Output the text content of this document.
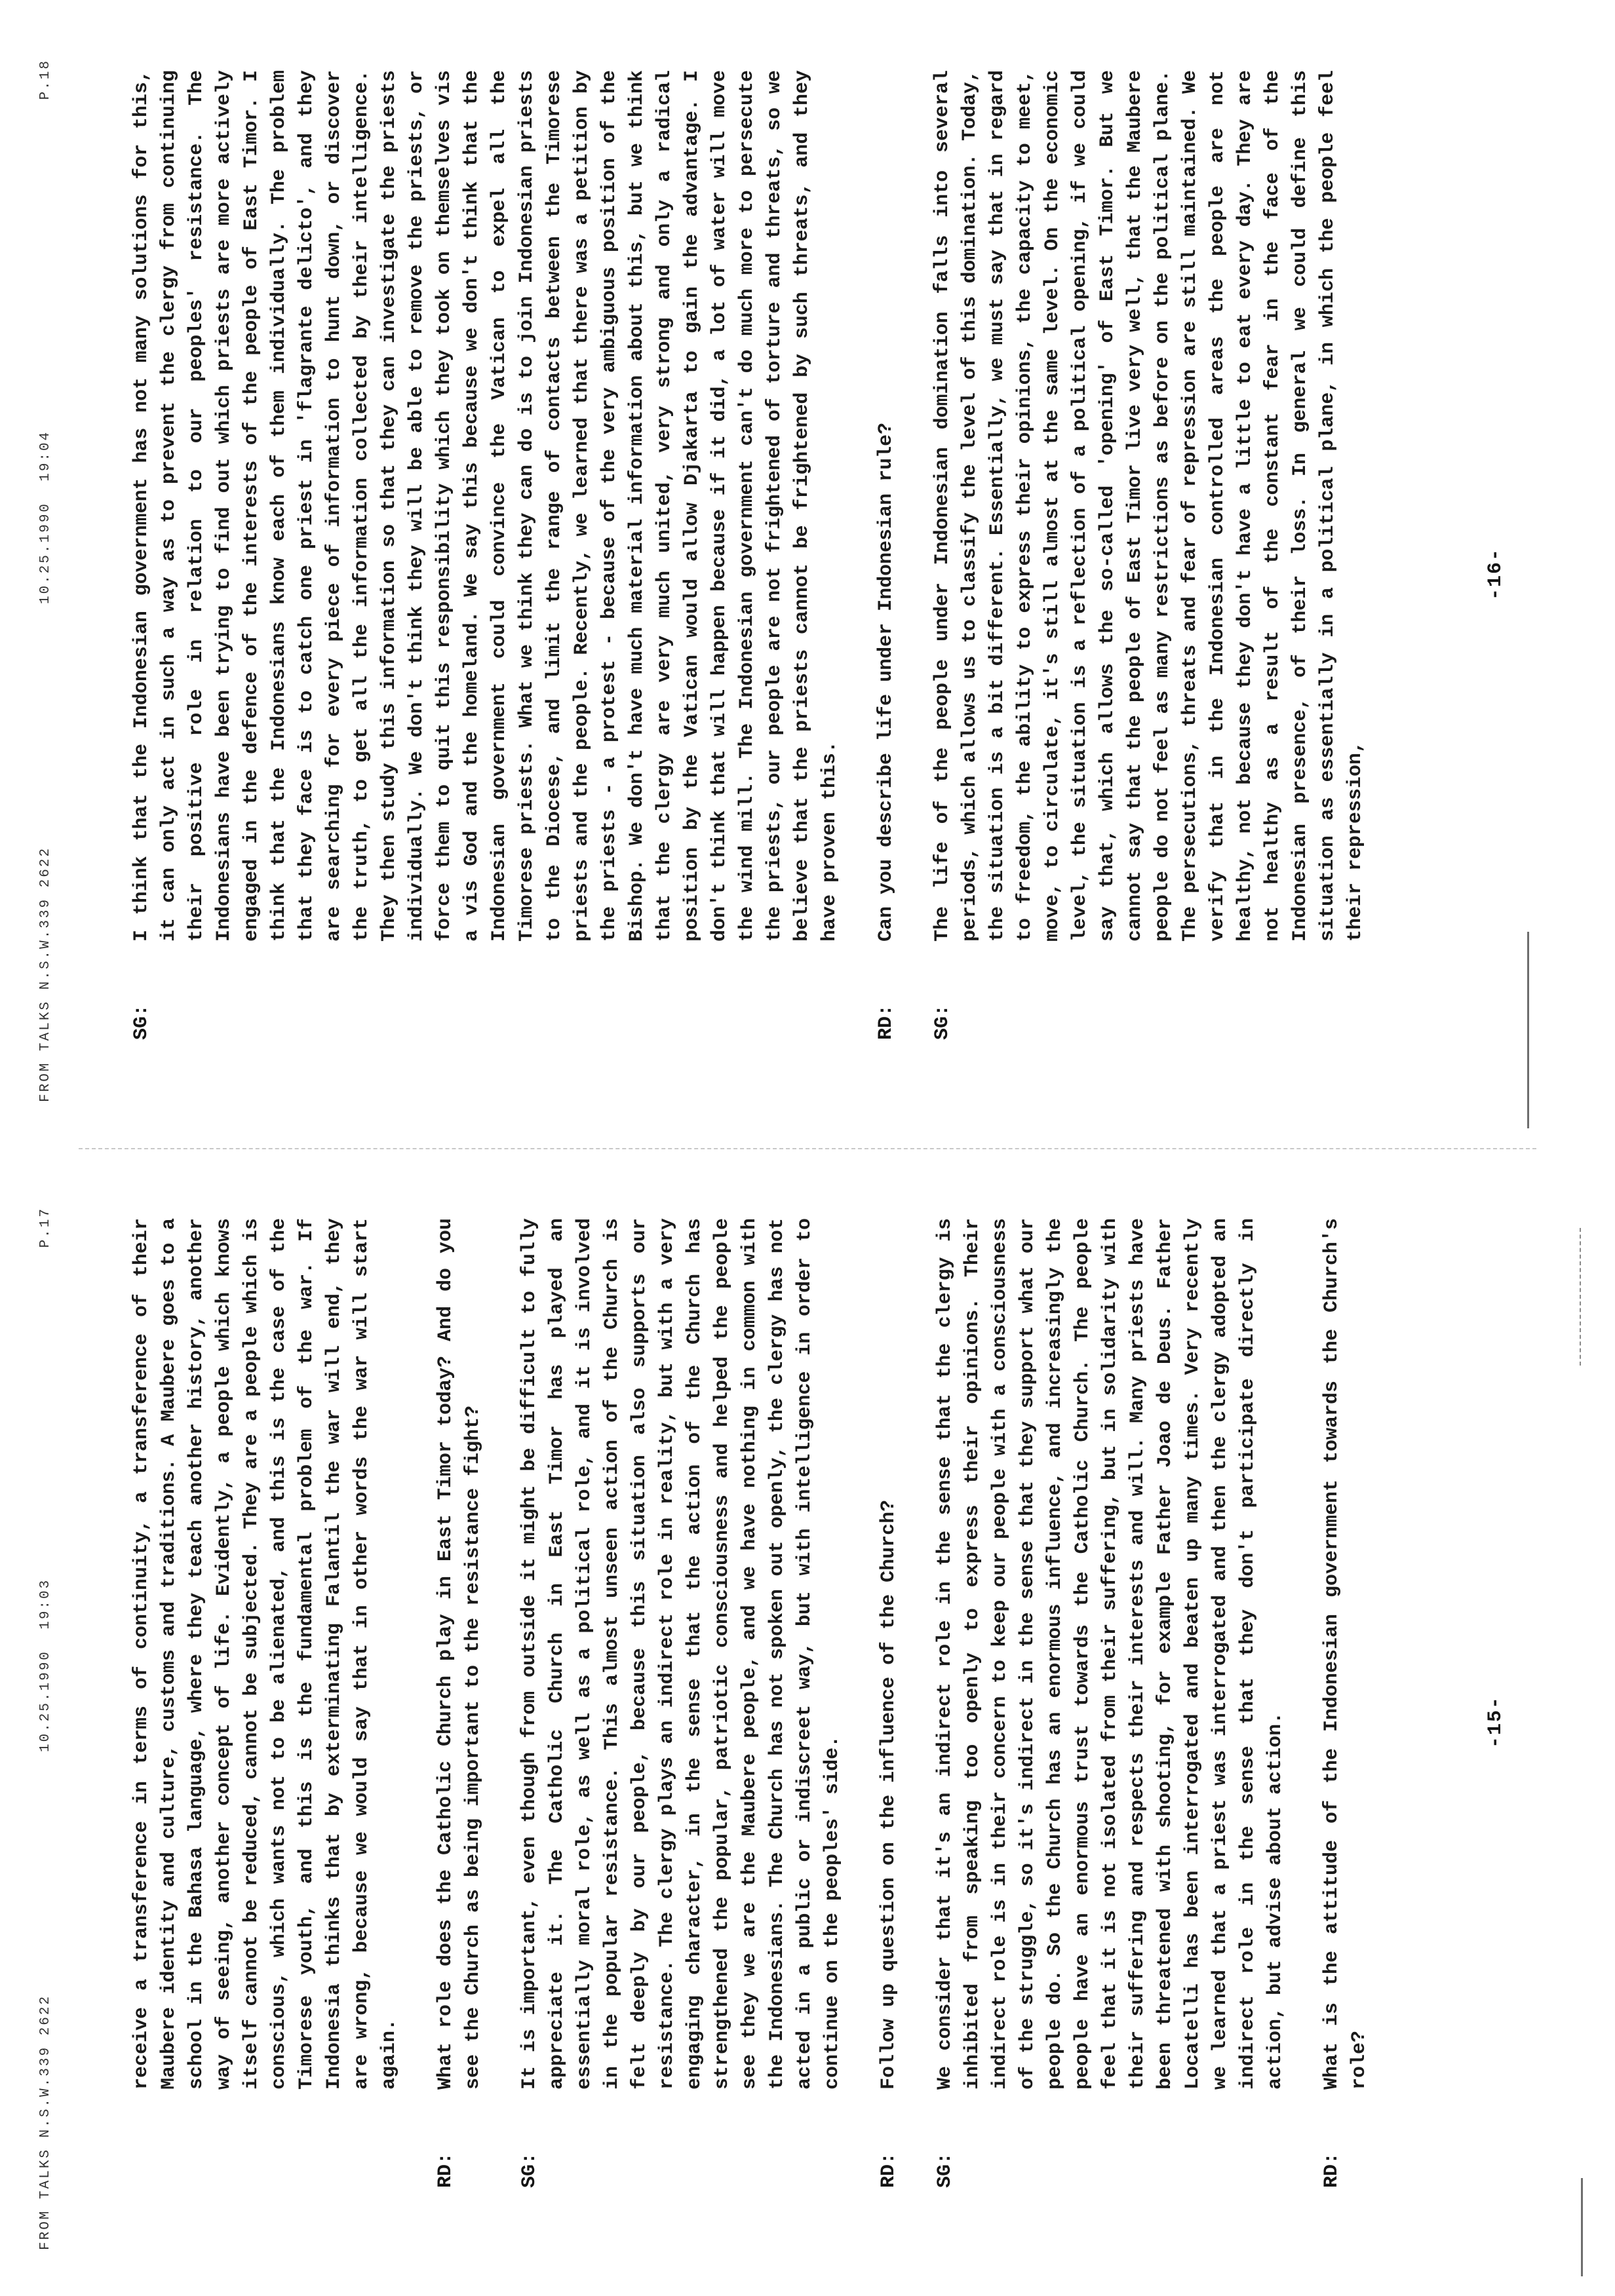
FROM TALKS N.S.W.339 2622
10.25.1990  19:03
P.17	receive a transference in terms of continuity, a transference of their Maubere identity and culture, customs and traditions. A Maubere goes to a school in the Bahasa language, where they teach another history, another way of seeing, another concept of life. Evidently, a people which knows itself cannot be reduced, cannot be subjected. They are a people which is conscious, which wants not to be alienated, and this is the case of the Timorese youth, and this is the fundamental problem of the war. If Indonesia thinks that by exterminating Falantil the war will end, they are wrong, because we would say that in other words the war will start again.
RD:
What role does the Catholic Church play in East Timor today? And do you see the Church as being important to the resistance fight?
SG:
It is important, even though from outside it might be difficult to fully appreciate it. The Catholic Church in East Timor has played an essentially moral role, as well as a political role, and it is involved in the popular resistance. This almost unseen action of the Church is felt deeply by our people, because this situation also supports our resistance. The clergy plays an indirect role in reality, but with a very engaging character, in the sense that the action of the Church has strengthened the popular, patriotic consciousness and helped the people see they we are the Maubere people, and we have nothing in common with the Indonesians. The Church has not spoken out openly, the clergy has not acted in a public or indiscreet way, but with intelligence in order to continue on the peoples' side.
RD:
Follow up question on the influence of the Church?
SG:
We consider that it's an indirect role in the sense that the clergy is inhibited from speaking too openly to express their opinions. Their indirect role is in their concern to keep our people with a consciousness of the struggle, so it's indirect in the sense that they support what our people do. So the Church has an enormous influence, and increasingly the people have an enormous trust towards the Catholic Church. The people feel that it is not isolated from their suffering, but in solidarity with their suffering and respects their interests and will. Many priests have been threatened with shooting, for example Father Joao de Deus. Father Locatelli has been interrogated and beaten up many times. Very recently we learned that a priest was interrogated and then the clergy adopted an indirect role in the sense that they don't participate directly in action, but advise about action.
RD:
What is the attitude of the Indonesian government towards the Church's role?
-15-
FROM TALKS N.S.W.339 2622
10.25.1990  19:04
P.18
SG:
I think that the Indonesian government has not many solutions for this, it can only act in such a way as to prevent the clergy from continuing their positive role in relation to our peoples' resistance. The Indonesians have been trying to find out which priests are more actively engaged in the defence of the interests of the people of East Timor. I think that the Indonesians know each of them individually. The problem that they face is to catch one priest in 'flagrante delicto', and they are searching for every piece of information to hunt down, or discover the truth, to get all the information collected by their intelligence. They then study this information so that they can investigate the priests individually. We don't think they will be able to remove the priests, or force them to quit this responsibility which they took on themselves vis a vis God and the homeland. We say this because we don't think that the Indonesian government could convince the Vatican to expel all the Timorese priests. What we think they can do is to join Indonesian priests to the Diocese, and limit the range of contacts between the Timorese priests and the people. Recently, we learned that there was a petition by the priests - a protest - because of the very ambiguous position of the Bishop. We don't have much material information about this, but we think that the clergy are very much united, very strong and only a radical position by the Vatican would allow Djakarta to gain the advantage. I don't think that will happen because if it did, a lot of water will move the wind mill. The Indonesian government can't do much more to persecute the priests, our people are not frightened of torture and threats, so we believe that the priests cannot be frightened by such threats, and they have proven this.
RD:
Can you describe life under Indonesian rule?
SG:
The life of the people under Indonesian domination falls into several periods, which allows us to classify the level of this domination. Today, the situation is a bit different. Essentially, we must say that in regard to freedom, the ability to express their opinions, the capacity to meet, move, to circulate, it's still almost at the same level. On the economic level, the situation is a reflection of a political opening, if we could say that, which allows the so-called 'opening' of East Timor. But we cannot say that the people of East Timor live very well, that the Maubere people do not feel as many restrictions as before on the political plane. The persecutions, threats and fear of repression are still maintained. We verify that in the Indonesian controlled areas the people are not healthy, not because they don't have a little to eat every day. They are not healthy as a result of the constant fear in the face of the Indonesian presence, of their loss. In general we could define this situation as essentially in a political plane, in which the people feel their repression,
-16-
